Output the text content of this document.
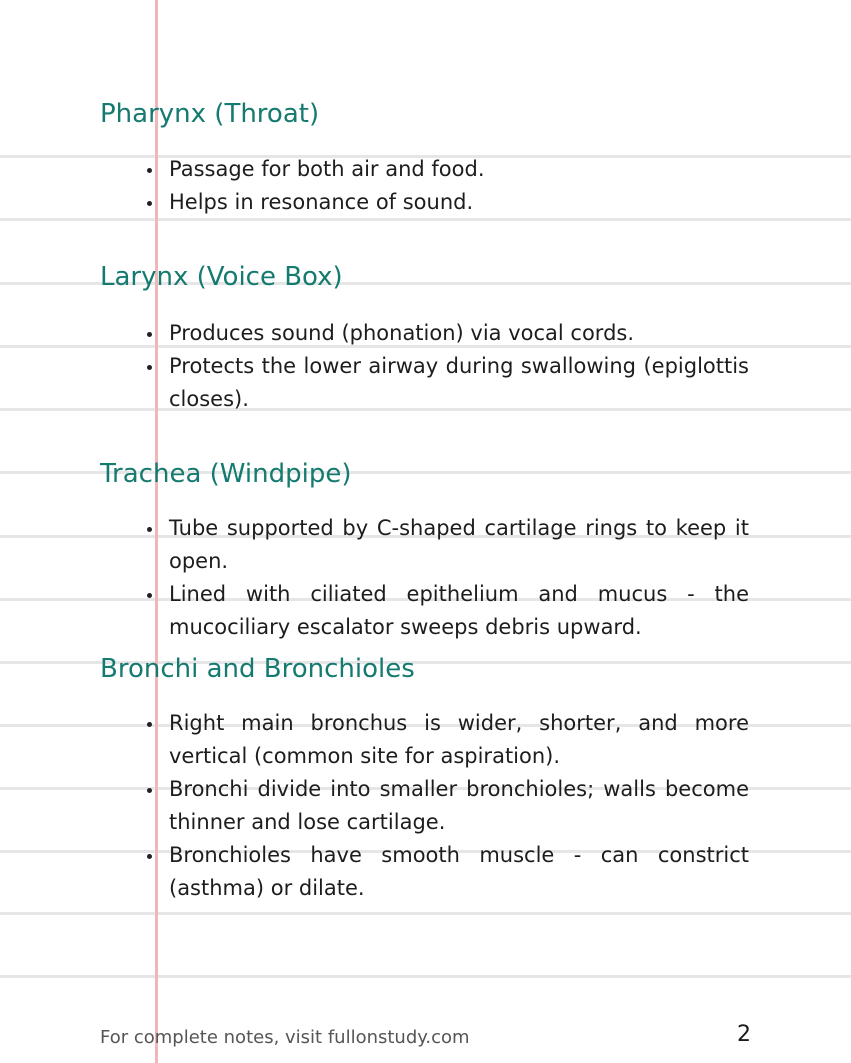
Pharynx (Throat)
Passage for both air and food.
Helps in resonance of sound.
Larynx (Voice Box)
Produces sound (phonation) via vocal cords.
Protects the lower airway during swallowing (epiglottis closes).
Trachea (Windpipe)
Tube supported by C-shaped cartilage rings to keep it open.
Lined with ciliated epithelium and mucus - the mucociliary escalator sweeps debris upward.
Bronchi and Bronchioles
Right main bronchus is wider, shorter, and more vertical (common site for aspiration).
Bronchi divide into smaller bronchioles; walls become thinner and lose cartilage.
Bronchioles have smooth muscle - can constrict (asthma) or dilate.
For complete notes, visit fullonstudy.com	2
